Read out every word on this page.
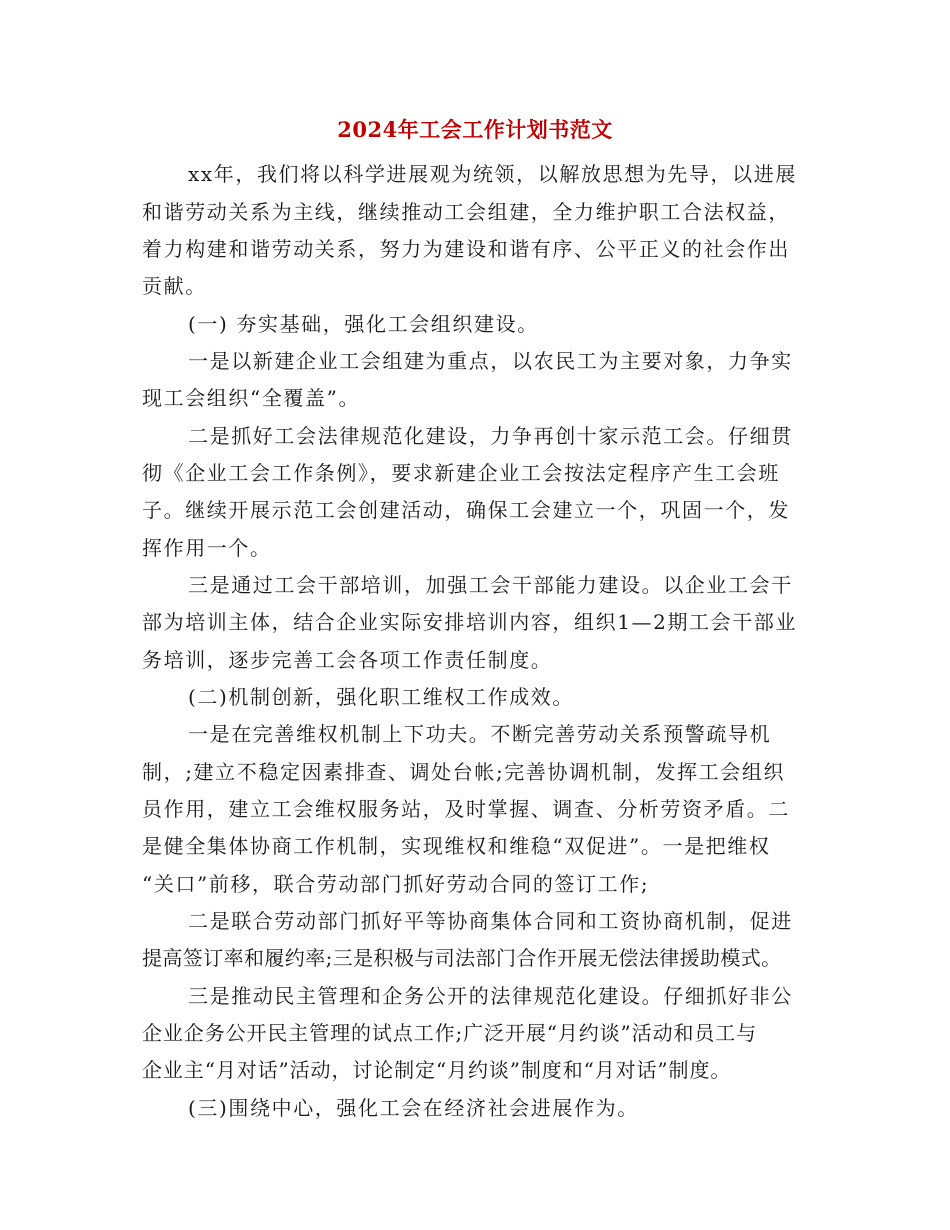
2024年工会工作计划书范文
xx年，我们将以科学进展观为统领，以解放思想为先导，以进展
和谐劳动关系为主线，继续推动工会组建，全力维护职工合法权益，
着力构建和谐劳动关系，努力为建设和谐有序、公平正义的社会作出
贡献。
(一) 夯实基础，强化工会组织建设。
一是以新建企业工会组建为重点，以农民工为主要对象，力争实
现工会组织“全覆盖”。
二是抓好工会法律规范化建设，力争再创十家示范工会。仔细贯
彻《企业工会工作条例》，要求新建企业工会按法定程序产生工会班
子。继续开展示范工会创建活动，确保工会建立一个，巩固一个，发
挥作用一个。
三是通过工会干部培训，加强工会干部能力建设。以企业工会干
部为培训主体，结合企业实际安排培训内容，组织1—2期工会干部业
务培训，逐步完善工会各项工作责任制度。
(二)机制创新，强化职工维权工作成效。
一是在完善维权机制上下功夫。不断完善劳动关系预警疏导机
制，;建立不稳定因素排查、调处台帐;完善协调机制，发挥工会组织
员作用，建立工会维权服务站，及时掌握、调查、分析劳资矛盾。二
是健全集体协商工作机制，实现维权和维稳“双促进”。一是把维权
“关口”前移，联合劳动部门抓好劳动合同的签订工作;
二是联合劳动部门抓好平等协商集体合同和工资协商机制，促进
提高签订率和履约率;三是积极与司法部门合作开展无偿法律援助模式。
三是推动民主管理和企务公开的法律规范化建设。仔细抓好非公
企业企务公开民主管理的试点工作;广泛开展“月约谈”活动和员工与
企业主“月对话”活动，讨论制定“月约谈”制度和“月对话”制度。
(三)围绕中心，强化工会在经济社会进展作为。
